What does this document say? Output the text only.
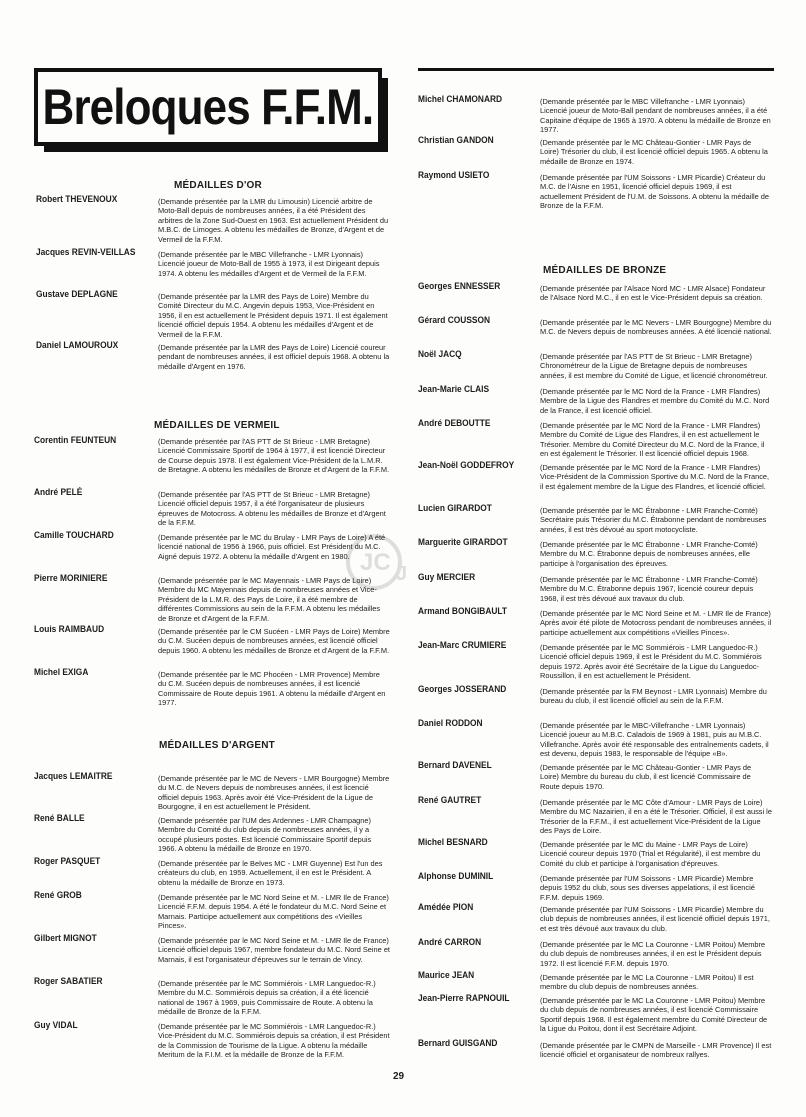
Breloques F.F.M.
JC J
MÉDAILLES D'OR
MÉDAILLES DE VERMEIL
MÉDAILLES D'ARGENT
MÉDAILLES DE BRONZE
Robert THEVENOUX	(Demande présentée par la LMR du Limousin) Licencié arbitre de Moto-Ball depuis de nombreuses années, il a été Président des arbitres de la Zone Sud-Ouest en 1963. Est actuellement Président du M.B.C. de Limoges. A obtenu les médailles de Bronze, d'Argent et de Vermeil de la F.F.M.
Jacques REVIN-VEILLAS	(Demande présentée par le MBC Villefranche - LMR Lyonnais) Licencié joueur de Moto-Ball de 1955 à 1973, il est Dirigeant depuis 1974. A obtenu les médailles d'Argent et de Vermeil de la F.F.M.
Gustave DEPLAGNE	(Demande présentée par la LMR des Pays de Loire) Membre du Comité Directeur du M.C. Angevin depuis 1953, Vice-Président en 1956, il en est actuellement le Président depuis 1971. Il est également licencié officiel depuis 1954. A obtenu les médailles d'Argent et de Vermeil de la F.F.M.
Daniel LAMOUROUX	(Demande présentée par la LMR des Pays de Loire) Licencié coureur pendant de nombreuses années, il est officiel depuis 1968. A obtenu la médaille d'Argent en 1976.
Corentin FEUNTEUN	(Demande présentée par l'AS PTT de St Brieuc - LMR Bretagne) Licencié Commissaire Sportif de 1964 à 1977, il est licencié Directeur de Course depuis 1978. Il est également Vice-Président de la L.M.R. de Bretagne. A obtenu les médailles de Bronze et d'Argent de la F.F.M.
André PELÉ	(Demande présentée par l'AS PTT de St Brieuc - LMR Bretagne) Licencié officiel depuis 1957, il a été l'organisateur de plusieurs épreuves de Motocross. A obtenu les médailles de Bronze et d'Argent de la F.F.M.
Camille TOUCHARD	(Demande présentée par le MC du Brulay - LMR Pays de Loire) A été licencié national de 1956 à 1966, puis officiel. Est Président du M.C. Aigné depuis 1972. A obtenu la médaille d'Argent en 1980.
Pierre MORINIERE	(Demande présentée par le MC Mayennais - LMR Pays de Loire) Membre du MC Mayennais depuis de nombreuses années et Vice-Président de la L.M.R. des Pays de Loire, il a été membre de différentes Commissions au sein de la F.F.M. A obtenu les médailles de Bronze et d'Argent de la F.F.M.
Louis RAIMBAUD	(Demande présentée par le CM Sucéen - LMR Pays de Loire) Membre du C.M. Sucéen depuis de nombreuses années, est licencié officiel depuis 1960. A obtenu les médailles de Bronze et d'Argent de la F.F.M.
Michel EXIGA	(Demande présentée par le MC Phocéen - LMR Provence) Membre du C.M. Sucéen depuis de nombreuses années, il est licencié Commissaire de Route depuis 1961. A obtenu la médaille d'Argent en 1977.
Jacques LEMAITRE	(Demande présentée par le MC de Nevers - LMR Bourgogne) Membre du M.C. de Nevers depuis de nombreuses années, il est licencié officiel depuis 1963. Après avoir été Vice-Président de la Ligue de Bourgogne, il en est actuellement le Président.
René BALLE	(Demande présentée par l'UM des Ardennes - LMR Champagne) Membre du Comité du club depuis de nombreuses années, il y a occupé plusieurs postes. Est licencié Commissaire Sportif depuis 1966. A obtenu la médaille de Bronze en 1970.
Roger PASQUET	(Demande présentée par le Belves MC - LMR Guyenne) Est l'un des créateurs du club, en 1959. Actuellement, il en est le Président. A obtenu la médaille de Bronze en 1973.
René GROB	(Demande présentée par le MC Nord Seine et M. - LMR Ile de France) Licencié F.F.M. depuis 1954. A été le fondateur du M.C. Nord Seine et Marnais. Participe actuellement aux compétitions des «Vieilles Pinces».
Gilbert MIGNOT	(Demande présentée par le MC Nord Seine et M. - LMR Ile de France) Licencié officiel depuis 1967, membre fondateur du M.C. Nord Seine et Marnais, il est l'organisateur d'épreuves sur le terrain de Vincy.
Roger SABATIER	(Demande présentée par le MC Sommiérois - LMR Languedoc-R.) Membre du M.C. Sommiérois depuis sa création, il a été licencié national de 1967 à 1969, puis Commissaire de Route. A obtenu la médaille de Bronze de la F.F.M.
Guy VIDAL	(Demande présentée par le MC Sommiérois - LMR Languedoc-R.) Vice-Président du M.C. Sommiérois depuis sa création, il est Président de la Commission de Tourisme de la Ligue. A obtenu la médaille Meritum de la F.I.M. et la médaille de Bronze de la F.F.M.
Michel CHAMONARD	(Demande présentée par le MBC Villefranche - LMR Lyonnais) Licencié joueur de Moto-Ball pendant de nombreuses années, il a été Capitaine d'équipe de 1965 à 1970. A obtenu la médaille de Bronze en 1977.
Christian GANDON	(Demande présentée par le MC Château-Gontier - LMR Pays de Loire) Trésorier du club, il est licencié officiel depuis 1965. A obtenu la médaille de Bronze en 1974.
Raymond USIETO	(Demande présentée par l'UM Soissons - LMR Picardie) Créateur du M.C. de l'Aisne en 1951, licencié officiel depuis 1969, il est actuellement Président de l'U.M. de Soissons. A obtenu la médaille de Bronze de la F.F.M.
Georges ENNESSER	(Demande présentée par l'Alsace Nord MC - LMR Alsace) Fondateur de l'Alsace Nord M.C., il en est le Vice-Président depuis sa création.
Gérard COUSSON	(Demande présentée par le MC Nevers - LMR Bourgogne) Membre du M.C. de Nevers depuis de nombreuses années. A été licencié national.
Noël JACQ	(Demande présentée par l'AS PTT de St Brieuc - LMR Bretagne) Chronométreur de la Ligue de Bretagne depuis de nombreuses années, il est membre du Comité de Ligue, et licencié chronométreur.
Jean-Marie CLAIS	(Demande présentée par le MC Nord de la France - LMR Flandres) Membre de la Ligue des Flandres et membre du Comité du M.C. Nord de la France, il est licencié officiel.
André DEBOUTTE	(Demande présentée par le MC Nord de la France - LMR Flandres) Membre du Comité de Ligue des Flandres, il en est actuellement le Trésorier. Membre du Comité Directeur du M.C. Nord de la France, il en est également le Trésorier. Il est licencié officiel depuis 1968.
Jean-Noël GODDEFROY	(Demande présentée par le MC Nord de la France - LMR Flandres) Vice-Président de la Commission Sportive du M.C. Nord de la France, il est également membre de la Ligue des Flandres, et licencié officiel.
Lucien GIRARDOT	(Demande présentée par le MC Étrabonne - LMR Franche-Comté) Secrétaire puis Trésorier du M.C. Étrabonne pendant de nombreuses années, il est très dévoué au sport motocycliste.
Marguerite GIRARDOT	(Demande présentée par le MC Étrabonne - LMR Franche-Comté) Membre du M.C. Étrabonne depuis de nombreuses années, elle participe à l'organisation des épreuves.
Guy MERCIER	(Demande présentée par le MC Étrabonne - LMR Franche-Comté) Membre du M.C. Étrabonne depuis 1967, licencié coureur depuis 1968, il est très dévoué aux travaux du club.
Armand BONGIBAULT	(Demande présentée par le MC Nord Seine et M. - LMR Ile de France) Après avoir été pilote de Motocross pendant de nombreuses années, il participe actuellement aux compétitions «Vieilles Pinces».
Jean-Marc CRUMIERE	(Demande présentée par le MC Sommiérois - LMR Languedoc-R.) Licencié officiel depuis 1969, il est le Président du M.C. Sommiérois depuis 1972. Après avoir été Secrétaire de la Ligue du Languedoc-Roussillon, il en est actuellement le Président.
Georges JOSSERAND	(Demande présentée par la FM Beynost - LMR Lyonnais) Membre du bureau du club, il est licencié officiel au sein de la F.F.M.
Daniel RODDON	(Demande présentée par le MBC-Villefranche - LMR Lyonnais) Licencié joueur au M.B.C. Caladois de 1969 à 1981, puis au M.B.C. Villefranche. Après avoir été responsable des entraînements cadets, il est devenu, depuis 1983, le responsable de l'équipe «B».
Bernard DAVENEL	(Demande présentée par le MC Château-Gontier - LMR Pays de Loire) Membre du bureau du club, il est licencié Commissaire de Route depuis 1970.
René GAUTRET	(Demande présentée par le MC Côte d'Amour - LMR Pays de Loire) Membre du MC Nazairien, il en a été le Trésorier. Officiel, il est aussi le Trésorier de la F.F.M., il est actuellement Vice-Président de la Ligue des Pays de Loire.
Michel BESNARD	(Demande présentée par le MC du Maine - LMR Pays de Loire) Licencié coureur depuis 1970 (Trial et Régularité), il est membre du Comité du club et participe à l'organisation d'épreuves.
Alphonse DUMINIL	(Demande présentée par l'UM Soissons - LMR Picardie) Membre depuis 1952 du club, sous ses diverses appelations, il est licencié F.F.M. depuis 1969.
Amédée PION	(Demande présentée par l'UM Soissons - LMR Picardie) Membre du club depuis de nombreuses années, il est licencié officiel depuis 1971, et est très dévoué aux travaux du club.
André CARRON	(Demande présentée par le MC La Couronne - LMR Poitou) Membre du club depuis de nombreuses années, il en est le Président depuis 1972. Il est licencié F.F.M. depuis 1970.
Maurice JEAN	(Demande présentée par le MC La Couronne - LMR Poitou) Il est membre du club depuis de nombreuses années.
Jean-Pierre RAPNOUIL	(Demande présentée par le MC La Couronne - LMR Poitou) Membre du club depuis de nombreuses années, il est licencié Commissaire Sportif depuis 1968. Il est également membre du Comité Directeur de la Ligue du Poitou, dont il est Secrétaire Adjoint.
Bernard GUISGAND	(Demande présentée par le CMPN de Marseille - LMR Provence) Il est licencié officiel et organisateur de nombreux rallyes.
29
